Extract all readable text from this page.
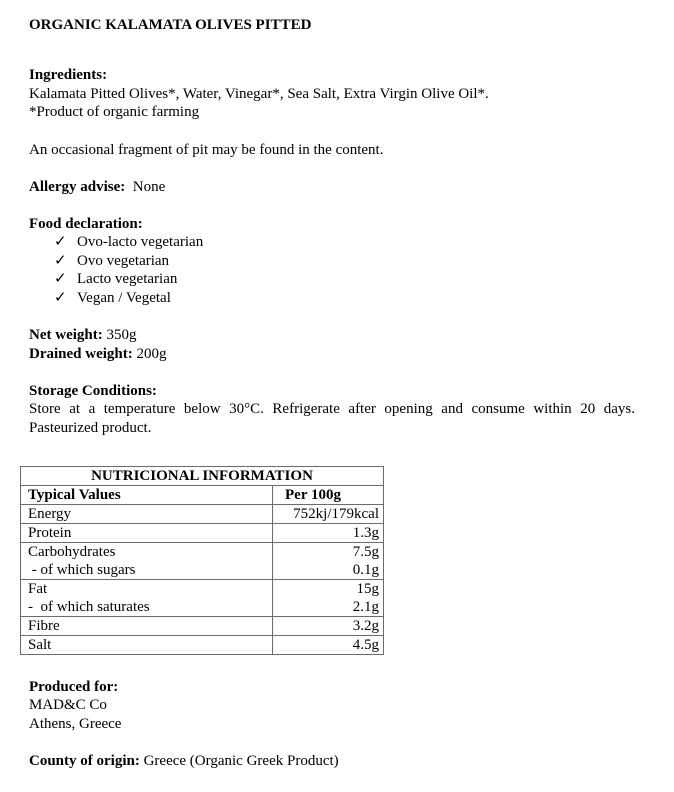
ORGANIC KALAMATA OLIVES PITTED
Ingredients:
Kalamata Pitted Olives*, Water, Vinegar*, Sea Salt, Extra Virgin Olive Oil*.
*Product of organic farming
An occasional fragment of pit may be found in the content.
Allergy advise: None
Food declaration:
✓ Ovo-lacto vegetarian
✓ Ovo vegetarian
✓ Lacto vegetarian
✓ Vegan / Vegetal
Net weight: 350g
Drained weight: 200g
Storage Conditions:
Store at a temperature below 30°C. Refrigerate after opening and consume within 20 days.
Pasteurized product.
NUTRICIONAL INFORMATION	
Typical Values	Per 100g
Energy	752kj/179kcal
Protein	1.3g
Carbohydrates	7.5g
- of which sugars	0.1g
Fat	15g
-  of which saturates	2.1g
Fibre	3.2g
Salt	4.5g
Produced for:
MAD&C Co
Athens, Greece
County of origin: Greece (Organic Greek Product)
